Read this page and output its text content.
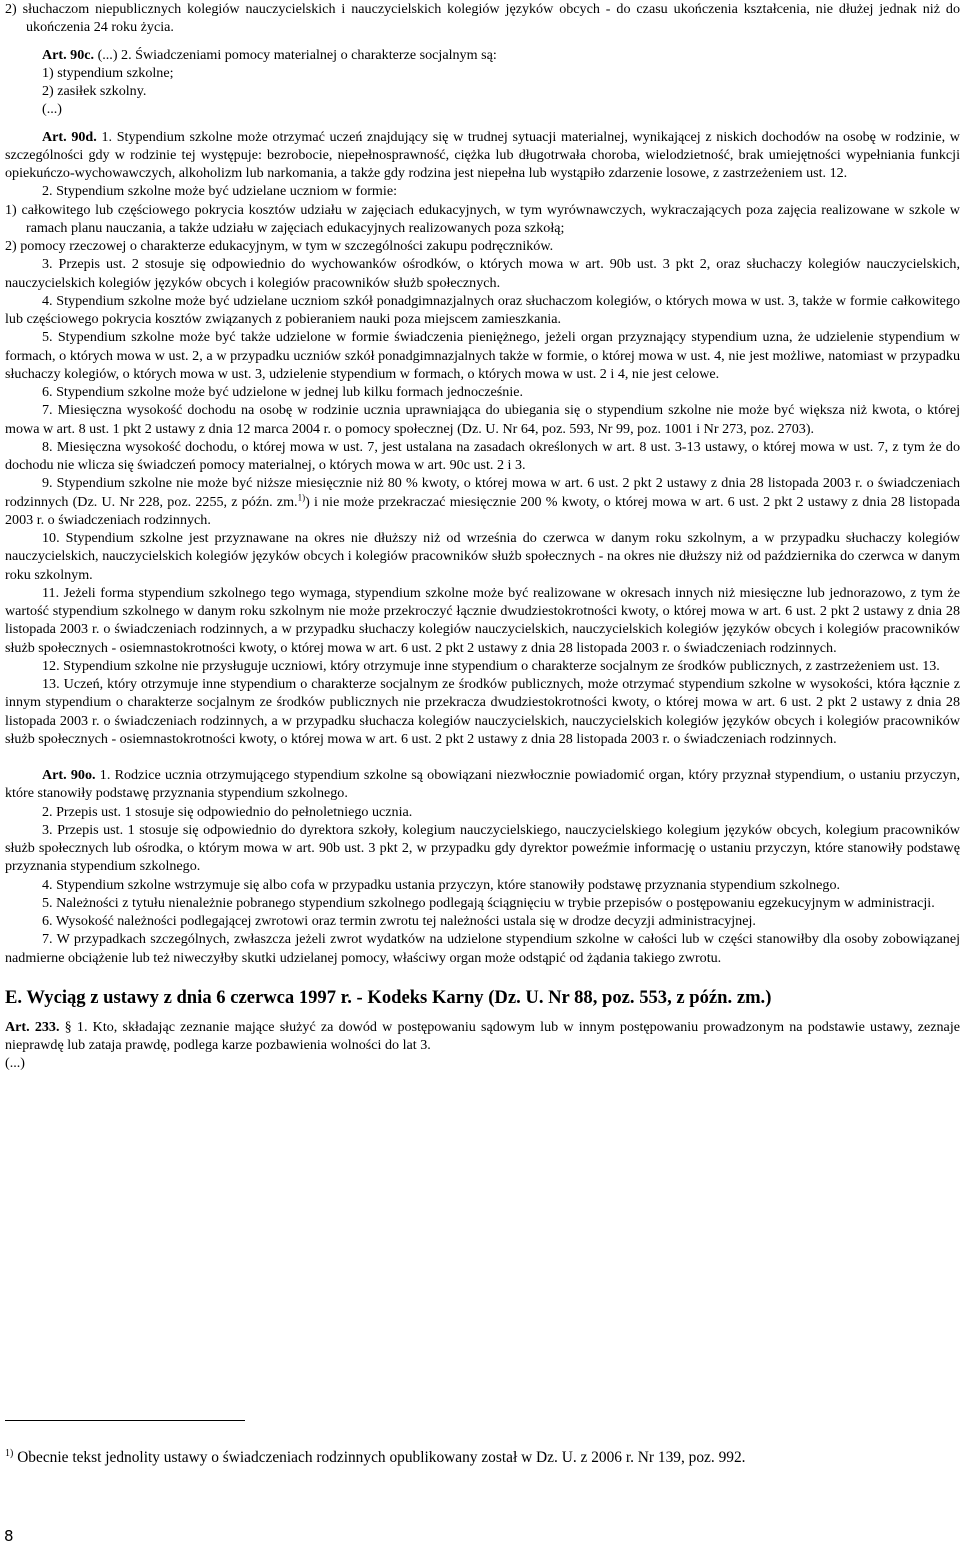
2) słuchaczom niepublicznych kolegiów nauczycielskich i nauczycielskich kolegiów języków obcych - do czasu ukończenia kształcenia, nie dłużej jednak niż do ukończenia 24 roku życia.

Art. 90c. (...) 2. Świadczeniami pomocy materialnej o charakterze socjalnym są:

1) stypendium szkolne;

2) zasiłek szkolny.

(...)

Art. 90d. 1. Stypendium szkolne może otrzymać uczeń znajdujący się w trudnej sytuacji materialnej, wynikającej z niskich dochodów na osobę w rodzinie, w szczególności gdy w rodzinie tej występuje: bezrobocie, niepełnosprawność, ciężka lub długotrwała choroba, wielodzietność, brak umiejętności wypełniania funkcji opiekuńczo-wychowawczych, alkoholizm lub narkomania, a także gdy rodzina jest niepełna lub wystąpiło zdarzenie losowe, z zastrzeżeniem ust. 12.

2. Stypendium szkolne może być udzielane uczniom w formie:

1) całkowitego lub częściowego pokrycia kosztów udziału w zajęciach edukacyjnych, w tym wyrównawczych, wykraczających poza zajęcia realizowane w szkole w ramach planu nauczania, a także udziału w zajęciach edukacyjnych realizowanych poza szkołą;

2) pomocy rzeczowej o charakterze edukacyjnym, w tym w szczególności zakupu podręczników.

3. Przepis ust. 2 stosuje się odpowiednio do wychowanków ośrodków, o których mowa w art. 90b ust. 3 pkt 2, oraz słuchaczy kolegiów nauczycielskich, nauczycielskich kolegiów języków obcych i kolegiów pracowników służb społecznych.

4. Stypendium szkolne może być udzielane uczniom szkół ponadgimnazjalnych oraz słuchaczom kolegiów, o których mowa w ust. 3, także w formie całkowitego lub częściowego pokrycia kosztów związanych z pobieraniem nauki poza miejscem zamieszkania.

5. Stypendium szkolne może być także udzielone w formie świadczenia pieniężnego, jeżeli organ przyznający stypendium uzna, że udzielenie stypendium w formach, o których mowa w ust. 2, a w przypadku uczniów szkół ponadgimnazjalnych także w formie, o której mowa w ust. 4, nie jest możliwe, natomiast w przypadku słuchaczy kolegiów, o których mowa w ust. 3, udzielenie stypendium w formach, o których mowa w ust. 2 i 4, nie jest celowe.

6. Stypendium szkolne może być udzielone w jednej lub kilku formach jednocześnie.

7. Miesięczna wysokość dochodu na osobę w rodzinie ucznia uprawniająca do ubiegania się o stypendium szkolne nie może być większa niż kwota, o której mowa w art. 8 ust. 1 pkt 2 ustawy z dnia 12 marca 2004 r. o pomocy społecznej (Dz. U. Nr 64, poz. 593, Nr 99, poz. 1001 i Nr 273, poz. 2703).

8. Miesięczna wysokość dochodu, o której mowa w ust. 7, jest ustalana na zasadach określonych w art. 8 ust. 3-13 ustawy, o której mowa w ust. 7, z tym że do dochodu nie wlicza się świadczeń pomocy materialnej, o których mowa w art. 90c ust. 2 i 3.

9. Stypendium szkolne nie może być niższe miesięcznie niż 80 % kwoty, o której mowa w art. 6 ust. 2 pkt 2 ustawy z dnia 28 listopada 2003 r. o świadczeniach rodzinnych (Dz. U. Nr 228, poz. 2255, z późn. zm.$^{1)}$) i nie może przekraczać miesięcznie 200 % kwoty, o której mowa w art. 6 ust. 2 pkt 2 ustawy z dnia 28 listopada 2003 r. o świadczeniach rodzinnych.

10. Stypendium szkolne jest przyznawane na okres nie dłuższy niż od września do czerwca w danym roku szkolnym, a w przypadku słuchaczy kolegiów nauczycielskich, nauczycielskich kolegiów języków obcych i kolegiów pracowników służb społecznych - na okres nie dłuższy niż od października do czerwca w danym roku szkolnym.

11. Jeżeli forma stypendium szkolnego tego wymaga, stypendium szkolne może być realizowane w okresach innych niż miesięczne lub jednorazowo, z tym że wartość stypendium szkolnego w danym roku szkolnym nie może przekroczyć łącznie dwudziestokrotności kwoty, o której mowa w art. 6 ust. 2 pkt 2 ustawy z dnia 28 listopada 2003 r. o świadczeniach rodzinnych, a w przypadku słuchaczy kolegiów nauczycielskich, nauczycielskich kolegiów języków obcych i kolegiów pracowników służb społecznych - osiemnastokrotności kwoty, o której mowa w art. 6 ust. 2 pkt 2 ustawy z dnia 28 listopada 2003 r. o świadczeniach rodzinnych.

12. Stypendium szkolne nie przysługuje uczniowi, który otrzymuje inne stypendium o charakterze socjalnym ze środków publicznych, z zastrzeżeniem ust. 13.

13. Uczeń, który otrzymuje inne stypendium o charakterze socjalnym ze środków publicznych, może otrzymać stypendium szkolne w wysokości, która łącznie z innym stypendium o charakterze socjalnym ze środków publicznych nie przekracza dwudziestokrotności kwoty, o której mowa w art. 6 ust. 2 pkt 2 ustawy z dnia 28 listopada 2003 r. o świadczeniach rodzinnych, a w przypadku słuchacza kolegiów nauczycielskich, nauczycielskich kolegiów języków obcych i kolegiów pracowników służb społecznych - osiemnastokrotności kwoty, o której mowa w art. 6 ust. 2 pkt 2 ustawy z dnia 28 listopada 2003 r. o świadczeniach rodzinnych.

Art. 90o. 1. Rodzice ucznia otrzymującego stypendium szkolne są obowiązani niezwłocznie powiadomić organ, który przyznał stypendium, o ustaniu przyczyn, które stanowiły podstawę przyznania stypendium szkolnego.

2. Przepis ust. 1 stosuje się odpowiednio do pełnoletniego ucznia.

3. Przepis ust. 1 stosuje się odpowiednio do dyrektora szkoły, kolegium nauczycielskiego, nauczycielskiego kolegium języków obcych, kolegium pracowników służb społecznych lub ośrodka, o którym mowa w art. 90b ust. 3 pkt 2, w przypadku gdy dyrektor poweźmie informację o ustaniu przyczyn, które stanowiły podstawę przyznania stypendium szkolnego.

4. Stypendium szkolne wstrzymuje się albo cofa w przypadku ustania przyczyn, które stanowiły podstawę przyznania stypendium szkolnego.

5. Należności z tytułu nienależnie pobranego stypendium szkolnego podlegają ściągnięciu w trybie przepisów o postępowaniu egzekucyjnym w administracji.

6. Wysokość należności podlegającej zwrotowi oraz termin zwrotu tej należności ustala się w drodze decyzji administracyjnej.

7. W przypadkach szczególnych, zwłaszcza jeżeli zwrot wydatków na udzielone stypendium szkolne w całości lub w części stanowiłby dla osoby zobowiązanej nadmierne obciążenie lub też niweczyłby skutki udzielanej pomocy, właściwy organ może odstąpić od żądania takiego zwrotu.

E. Wyciąg z ustawy z dnia 6 czerwca 1997 r. - Kodeks Karny (Dz. U. Nr 88, poz. 553, z późn. zm.)

Art. 233. § 1. Kto, składając zeznanie mające służyć za dowód w postępowaniu sądowym lub w innym postępowaniu prowadzonym na podstawie ustawy, zeznaje nieprawdę lub zataja prawdę, podlega karze pozbawienia wolności do lat 3.

(...)

$^{1)}$ Obecnie tekst jednolity ustawy o świadczeniach rodzinnych opublikowany został w Dz. U. z 2006 r. Nr 139, poz. 992.

8
